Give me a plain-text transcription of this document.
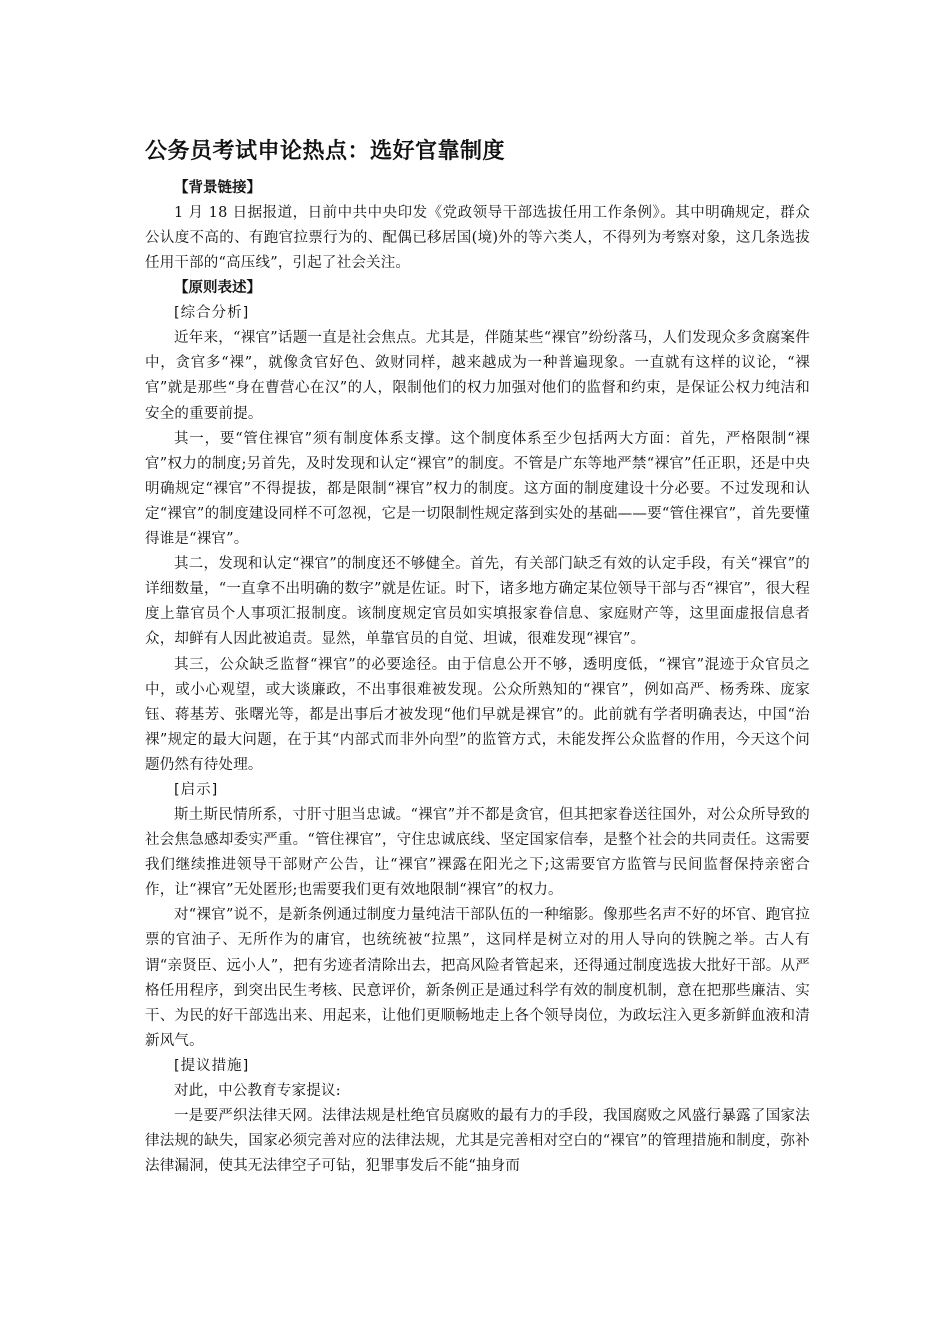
公务员考试申论热点：选好官靠制度
【背景链接】

1 月 18 日据报道，日前中共中央印发《党政领导干部选拔任用工作条例》。其中明确规定，群众公认度不高的、有跑官拉票行为的、配偶已移居国(境)外的等六类人，不得列为考察对象，这几条选拔任用干部的“高压线”，引起了社会关注。

【原则表述】
[综合分析]

近年来，“裸官”话题一直是社会焦点。尤其是，伴随某些“裸官”纷纷落马，人们发现众多贪腐案件中，贪官多“裸”，就像贪官好色、敛财同样，越来越成为一种普遍现象。一直就有这样的议论，“裸官”就是那些“身在曹营心在汉”的人，限制他们的权力加强对他们的监督和约束，是保证公权力纯洁和安全的重要前提。

其一，要“管住裸官”须有制度体系支撑。这个制度体系至少包括两大方面：首先，严格限制“裸官”权力的制度;另首先，及时发现和认定“裸官”的制度。不管是广东等地严禁“裸官”任正职，还是中央明确规定“裸官”不得提拔，都是限制“裸官”权力的制度。这方面的制度建设十分必要。不过发现和认定“裸官”的制度建设同样不可忽视，它是一切限制性规定落到实处的基础——要“管住裸官”，首先要懂得谁是“裸官”。

其二，发现和认定“裸官”的制度还不够健全。首先，有关部门缺乏有效的认定手段，有关“裸官”的详细数量，“一直拿不出明确的数字”就是佐证。时下，诸多地方确定某位领导干部与否“裸官”，很大程度上靠官员个人事项汇报制度。该制度规定官员如实填报家眷信息、家庭财产等，这里面虚报信息者众，却鲜有人因此被追责。显然，单靠官员的自觉、坦诚，很难发现“裸官”。

其三，公众缺乏监督“裸官”的必要途径。由于信息公开不够，透明度低，“裸官”混迹于众官员之中，或小心观望，或大谈廉政，不出事很难被发现。公众所熟知的“裸官”，例如高严、杨秀珠、庞家钰、蒋基芳、张曙光等，都是出事后才被发现“他们早就是裸官”的。此前就有学者明确表达，中国“治裸”规定的最大问题，在于其“内部式而非外向型”的监管方式，未能发挥公众监督的作用，今天这个问题仍然有待处理。

[启示]

斯土斯民情所系，寸肝寸胆当忠诚。“裸官”并不都是贪官，但其把家眷送往国外，对公众所导致的社会焦急感却委实严重。“管住裸官”，守住忠诚底线、坚定国家信奉，是整个社会的共同责任。这需要我们继续推进领导干部财产公告，让“裸官”裸露在阳光之下;这需要官方监管与民间监督保持亲密合作，让“裸官”无处匿形;也需要我们更有效地限制“裸官”的权力。

对“裸官”说不，是新条例通过制度力量纯洁干部队伍的一种缩影。像那些名声不好的坏官、跑官拉票的官油子、无所作为的庸官，也统统被“拉黑”，这同样是树立对的用人导向的铁腕之举。古人有谓“亲贤臣、远小人”，把有劣迹者清除出去，把高风险者管起来，还得通过制度选拔大批好干部。从严格任用程序，到突出民生考核、民意评价，新条例正是通过科学有效的制度机制，意在把那些廉洁、实干、为民的好干部选出来、用起来，让他们更顺畅地走上各个领导岗位，为政坛注入更多新鲜血液和清新风气。

[提议措施]

对此，中公教育专家提议:

一是要严织法律天网。法律法规是杜绝官员腐败的最有力的手段，我国腐败之风盛行暴露了国家法律法规的缺失，国家必须完善对应的法律法规，尤其是完善相对空白的“裸官”的管理措施和制度，弥补法律漏洞，使其无法律空子可钻，犯罪事发后不能“抽身而
